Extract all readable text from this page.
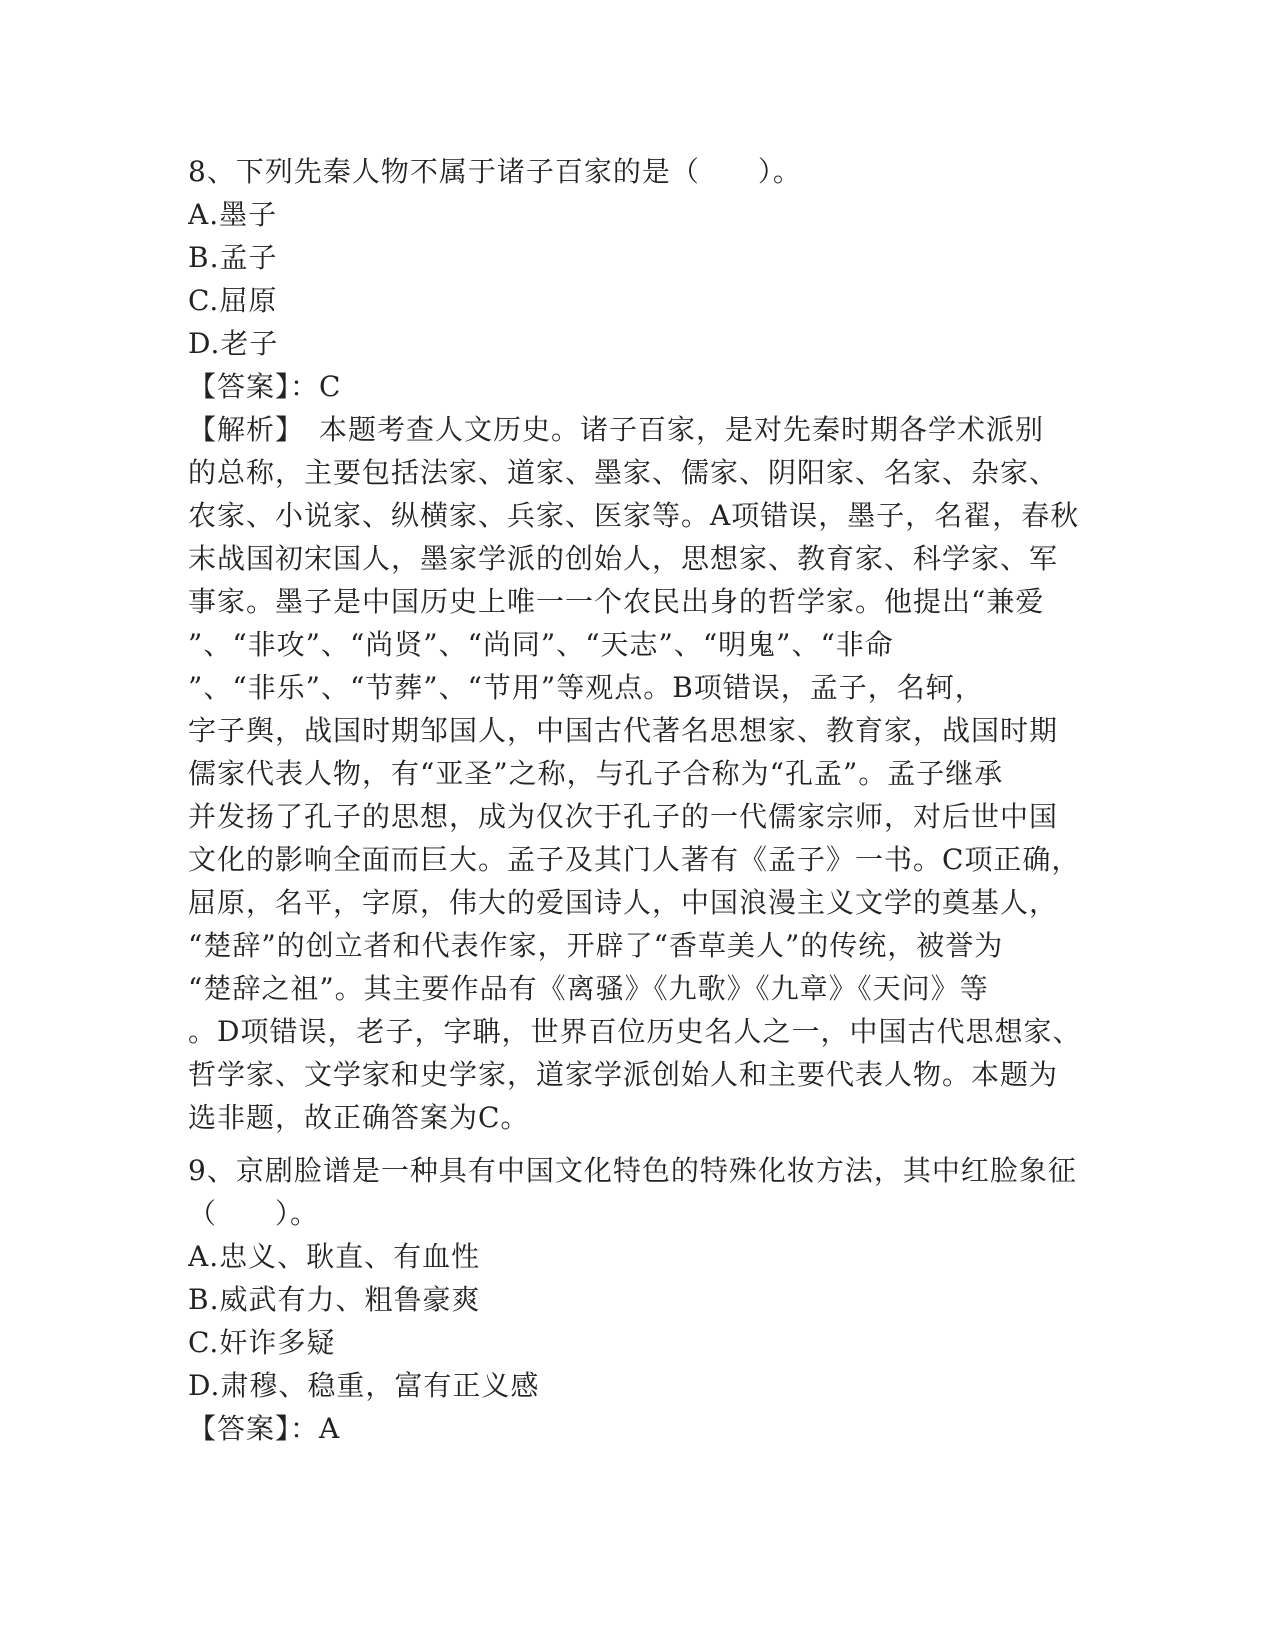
8、下列先秦人物不属于诸子百家的是（　　）。
A.墨子
B.孟子
C.屈原
D.老子
【答案】：C
【解析】　本题考查人文历史。诸子百家，是对先秦时期各学术派别
的总称，主要包括法家、道家、墨家、儒家、阴阳家、名家、杂家、
农家、小说家、纵横家、兵家、医家等。A项错误，墨子，名翟，春秋
末战国初宋国人，墨家学派的创始人，思想家、教育家、科学家、军
事家。墨子是中国历史上唯一一个农民出身的哲学家。他提出“兼爱
”、“非攻”、“尚贤”、“尚同”、“天志”、“明鬼”、“非命
”、“非乐”、“节葬”、“节用”等观点。B项错误，孟子，名轲，
字子舆，战国时期邹国人，中国古代著名思想家、教育家，战国时期
儒家代表人物，有“亚圣”之称，与孔子合称为“孔孟”。孟子继承
并发扬了孔子的思想，成为仅次于孔子的一代儒家宗师，对后世中国
文化的影响全面而巨大。孟子及其门人著有《孟子》一书。C项正确，
屈原，名平，字原，伟大的爱国诗人，中国浪漫主义文学的奠基人，
“楚辞”的创立者和代表作家，开辟了“香草美人”的传统，被誉为
“楚辞之祖”。其主要作品有《离骚》《九歌》《九章》《天问》等
。D项错误，老子，字聃，世界百位历史名人之一，中国古代思想家、
哲学家、文学家和史学家，道家学派创始人和主要代表人物。本题为
选非题，故正确答案为C。
9、京剧脸谱是一种具有中国文化特色的特殊化妆方法，其中红脸象征
（　　）。
A.忠义、耿直、有血性
B.威武有力、粗鲁豪爽
C.奸诈多疑
D.肃穆、稳重，富有正义感
【答案】：A
